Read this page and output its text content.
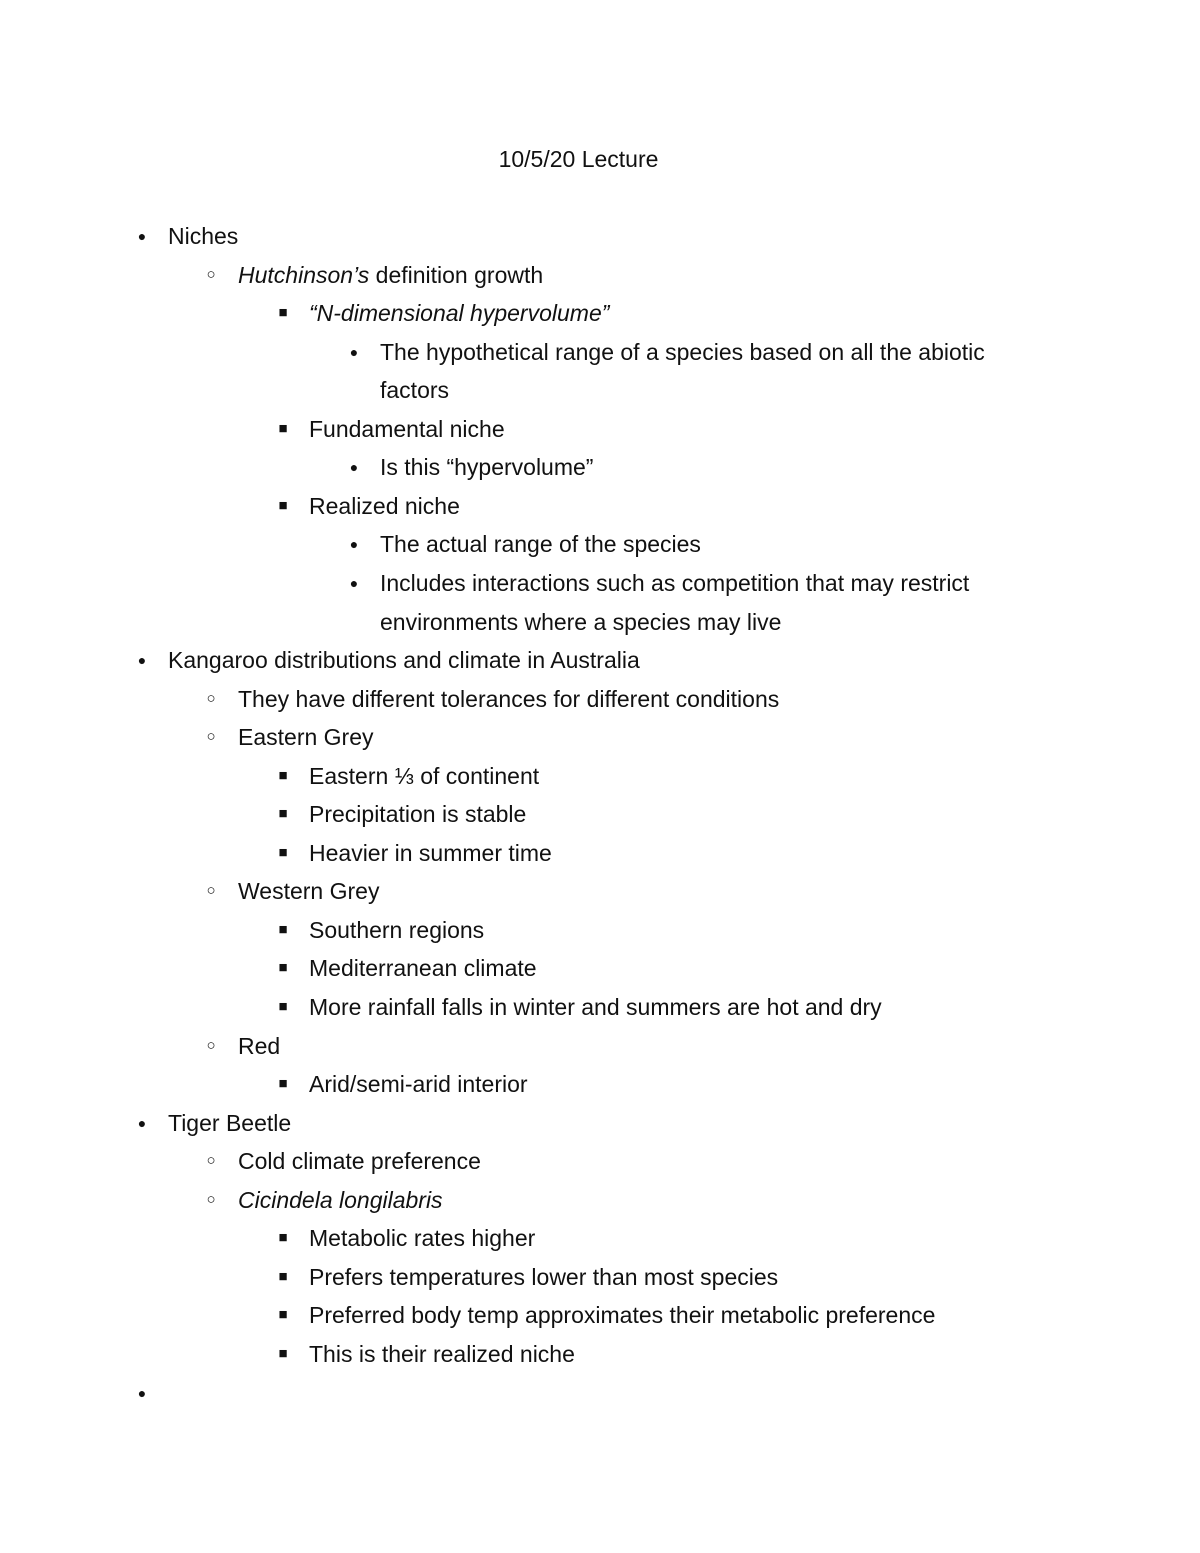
10/5/20 Lecture
● Niches
○ Hutchinson’s definition growth
■ “N-dimensional hypervolume”
● The hypothetical range of a species based on all the abiotic
factors
■ Fundamental niche
● Is this “hypervolume”
■ Realized niche
● The actual range of the species
● Includes interactions such as competition that may restrict
environments where a species may live
● Kangaroo distributions and climate in Australia
○ They have different tolerances for different conditions
○ Eastern Grey
■ Eastern ⅓ of continent
■ Precipitation is stable
■ Heavier in summer time
○ Western Grey
■ Southern regions
■ Mediterranean climate
■ More rainfall falls in winter and summers are hot and dry
○ Red
■ Arid/semi-arid interior
● Tiger Beetle
○ Cold climate preference
○ Cicindela longilabris
■ Metabolic rates higher
■ Prefers temperatures lower than most species
■ Preferred body temp approximates their metabolic preference
■ This is their realized niche
●
